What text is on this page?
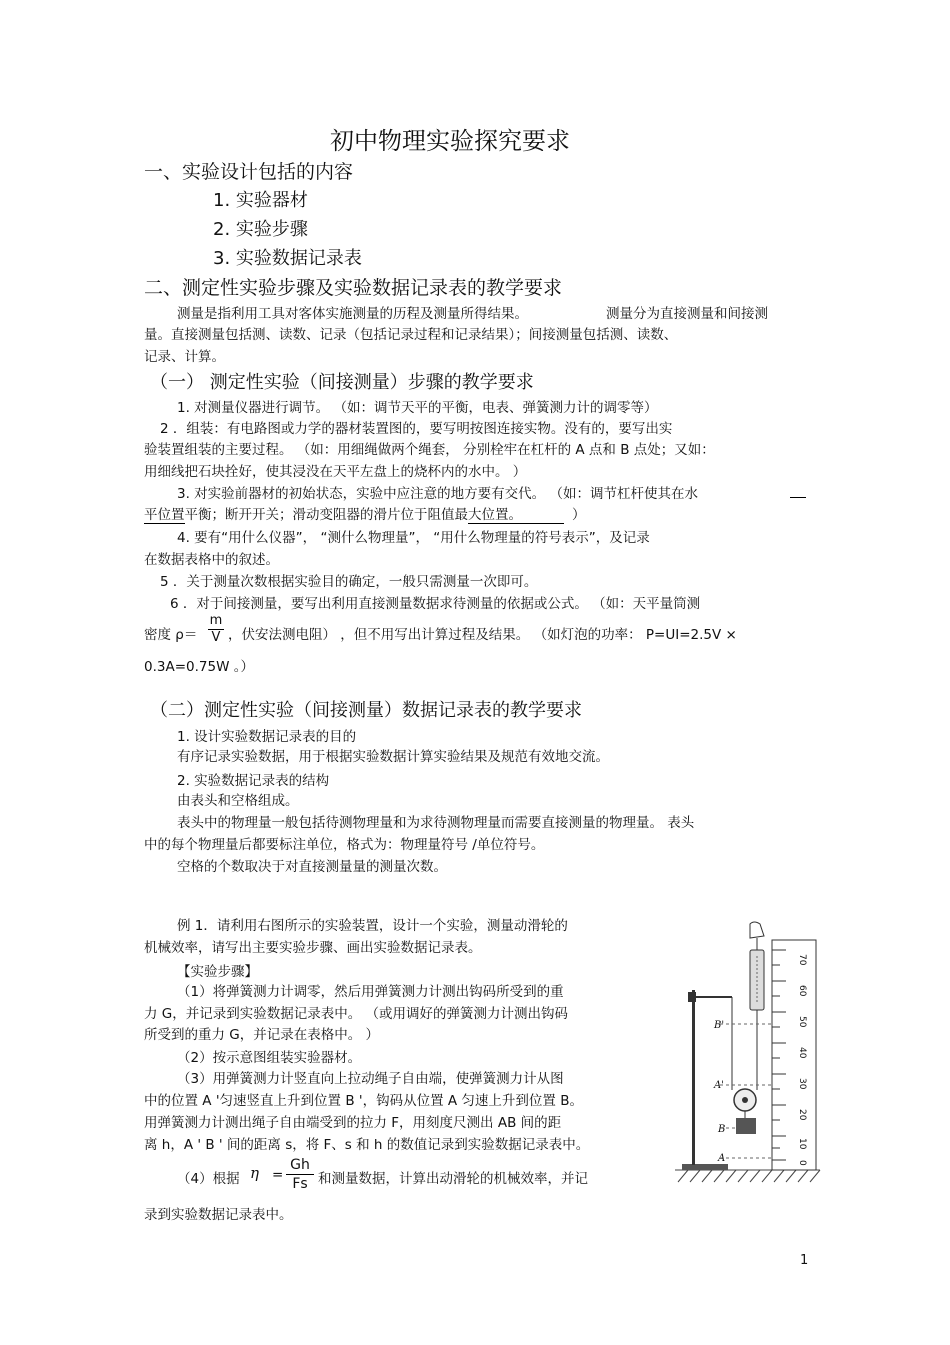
初中物理实验探究要求
一、实验设计包括的内容
1. 实验器材
2. 实验步骤
3. 实验数据记录表
二、测定性实验步骤及实验数据记录表的教学要求
测量是指利用工具对客体实施测量的历程及测量所得结果。	测量分为直接测量和间接测
量。直接测量包括测、读数、记录（包括记录过程和记录结果）；间接测量包括测、读数、
记录、计算。
（一） 测定性实验（间接测量）步骤的教学要求
1. 对测量仪器进行调节。 （如：调节天平的平衡，电表、弹簧测力计的调零等）
2 ．组装：有电路图或力学的器材装置图的，要写明按图连接实物。没有的，要写出实
验装置组装的主要过程。 （如：用细绳做两个绳套， 分别栓牢在杠杆的 A 点和 B 点处；又如：
用细线把石块拴好，使其浸没在天平左盘上的烧杯内的水中。 ）
3. 对实验前器材的初始状态，实验中应注意的地方要有交代。 （如：调节杠杆使其在水
平位置平衡；断开开关；滑动变阻器的滑片位于阻值最大位置。	）
4. 要有“用什么仪器”， “测什么物理量”， “用什么物理量的符号表示”，及记录
在数据表格中的叙述。
5 ．关于测量次数根据实验目的确定，一般只需测量一次即可。
6 ．对于间接测量，要写出利用直接测量数据求待测量的依据或公式。 （如：天平量筒测
密度 ρ＝
m
V ，伏安法测电阻） ，但不用写出计算过程及结果。 （如灯泡的功率： P=UI=2.5V ×
0.3A=0.75W 。）
（二）测定性实验（间接测量）数据记录表的教学要求
1. 设计实验数据记录表的目的
有序记录实验数据，用于根据实验数据计算实验结果及规范有效地交流。
2. 实验数据记录表的结构
由表头和空格组成。
表头中的物理量一般包括待测物理量和为求待测物理量而需要直接测量的物理量。 表头
中的每个物理量后都要标注单位，格式为：物理量符号 /单位符号。
空格的个数取决于对直接测量量的测量次数。
例 1．请利用右图所示的实验装置，设计一个实验，测量动滑轮的
机械效率，请写出主要实验步骤、画出实验数据记录表。
【实验步骤】
（1）将弹簧测力计调零，然后用弹簧测力计测出钩码所受到的重
力 G，并记录到实验数据记录表中。 （或用调好的弹簧测力计测出钩码
所受到的重力 G，并记录在表格中。 ）
（2）按示意图组装实验器材。
（3）用弹簧测力计竖直向上拉动绳子自由端，使弹簧测力计从图
中的位置 A '匀速竖直上升到位置 B '，钩码从位置 A 匀速上升到位置 B。
用弹簧测力计测出绳子自由端受到的拉力 F，用刻度尺测出 AB 间的距
离 h，A ' B ' 间的距离 s，将 F、s 和 h 的数值记录到实验数据记录表中。
（4）根据 η =
Gh
Fs 和测量数据，计算出动滑轮的机械效率，并记
录到实验数据记录表中。
70
60
50
40
30
20
10
0
B'
A'
B
A
1
